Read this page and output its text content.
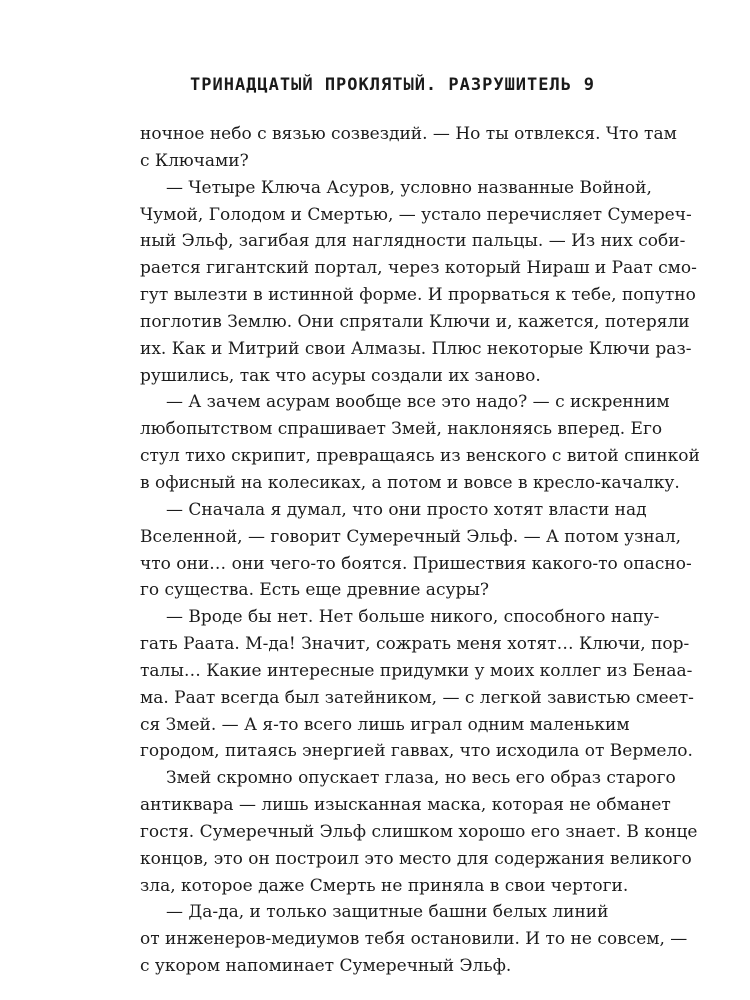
ТРИНАДЦАТЫЙ ПРОКЛЯТЫЙ. РАЗРУШИТЕЛЬ 9
ночное небо с вязью созвездий. — Но ты отвлекся. Что там
с Ключами?
— Четыре Ключа Асуров, условно названные Войной,
Чумой, Голодом и Смертью, — устало перечисляет Сумереч-
ный Эльф, загибая для наглядности пальцы. — Из них соби-
рается гигантский портал, через который Нираш и Раат смо-
гут вылезти в истинной форме. И прорваться к тебе, попутно
поглотив Землю. Они спрятали Ключи и, кажется, потеряли
их. Как и Митрий свои Алмазы. Плюс некоторые Ключи раз-
рушились, так что асуры создали их заново.
— А зачем асурам вообще все это надо? — с искренним
любопытством спрашивает Змей, наклоняясь вперед. Его
стул тихо скрипит, превращаясь из венского с витой спинкой
в офисный на колесиках, а потом и вовсе в кресло-качалку.
— Сначала я думал, что они просто хотят власти над
Вселенной, — говорит Сумеречный Эльф. — А потом узнал,
что они… они чего-то боятся. Пришествия какого-то опасно-
го существа. Есть еще древние асуры?
— Вроде бы нет. Нет больше никого, способного напу-
гать Раата. М-да! Значит, сожрать меня хотят… Ключи, пор-
талы… Какие интересные придумки у моих коллег из Бенаа-
ма. Раат всегда был затейником, — с легкой завистью смеет-
ся Змей. — А я-то всего лишь играл одним маленьким
городом, питаясь энергией гаввах, что исходила от Вермело.
Змей скромно опускает глаза, но весь его образ старого
антиквара — лишь изысканная маска, которая не обманет
гостя. Сумеречный Эльф слишком хорошо его знает. В конце
концов, это он построил это место для содержания великого
зла, которое даже Смерть не приняла в свои чертоги.
— Да-да, и только защитные башни белых линий
от инженеров-медиумов тебя остановили. И то не совсем, —
с укором напоминает Сумеречный Эльф.
